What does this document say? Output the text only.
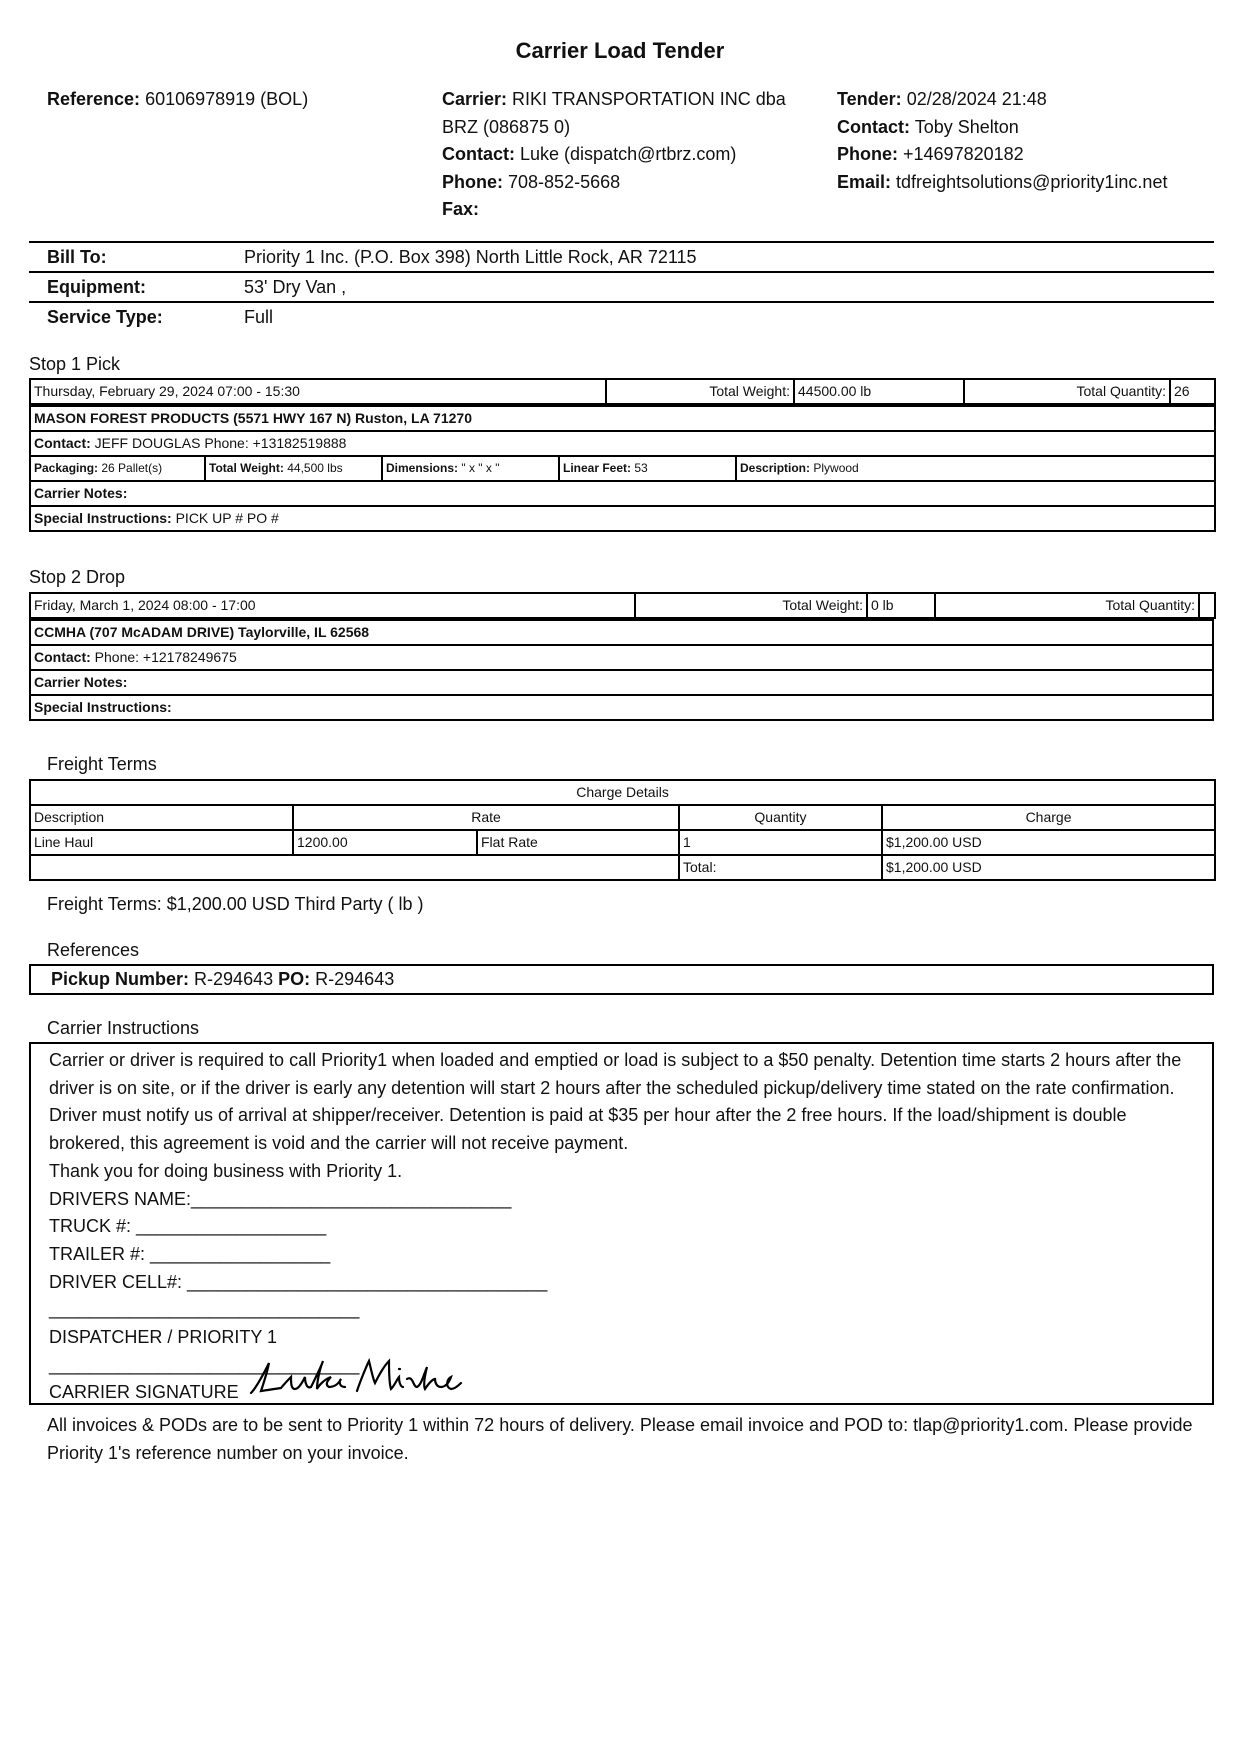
Carrier Load Tender
Reference: 60106978919 (BOL)	Carrier: RIKI TRANSPORTATION INC dba
BRZ (086875 0)
Contact: Luke (dispatch@rtbrz.com)
Phone: 708-852-5668
Fax:
Tender: 02/28/2024 21:48
Contact: Toby Shelton
Phone: +14697820182
Email: tdfreightsolutions@priority1inc.net
Bill To:	Priority 1 Inc. (P.O. Box 398) North Little Rock, AR 72115
Equipment:	53' Dry Van ,
Service Type:	Full
Stop 1 Pick
Thursday, February 29, 2024 07:00 - 15:30	Total Weight:	44500.00 lb	Total Quantity:	26
MASON FOREST PRODUCTS (5571 HWY 167 N) Ruston, LA 71270
Contact: JEFF DOUGLAS Phone: +13182519888
Packaging: 26 Pallet(s)	Total Weight: 44,500 lbs	Dimensions: " x " x "	Linear Feet: 53	Description: Plywood
Carrier Notes:
Special Instructions: PICK UP # PO #
Stop 2 Drop
Friday, March 1, 2024 08:00 - 17:00	Total Weight:	0 lb	Total Quantity:	
CCMHA (707 McADAM DRIVE) Taylorville, IL 62568
Contact: Phone: +12178249675
Carrier Notes:
Special Instructions:
Freight Terms
Charge Details				
Description	Rate		Quantity	Charge
Line Haul	1200.00	Flat Rate	1	$1,200.00 USD
			Total:	$1,200.00 USD
Freight Terms: $1,200.00 USD Third Party ( lb )
References
Pickup Number: R-294643 PO: R-294643
Carrier Instructions

Carrier or driver is required to call Priority1 when loaded and emptied or load is subject to a $50 penalty. Detention time starts 2 hours after the driver is on site, or if the driver is early any detention will start 2 hours after the scheduled pickup/delivery time stated on the rate confirmation. Driver must notify us of arrival at shipper/receiver. Detention is paid at $35 per hour after the 2 free hours. If the load/shipment is double brokered, this agreement is void and the carrier will not receive payment.

Thank you for doing business with Priority 1.

DRIVERS NAME:________________________________

TRUCK #: ___________________

TRAILER #: __________________

DRIVER CELL#: ____________________________________

_______________________________

DISPATCHER / PRIORITY 1

_______________________________

CARRIER SIGNATURE

All invoices & PODs are to be sent to Priority 1 within 72 hours of delivery. Please email invoice and POD to: tlap@priority1.com. Please provide Priority 1's reference number on your invoice.
